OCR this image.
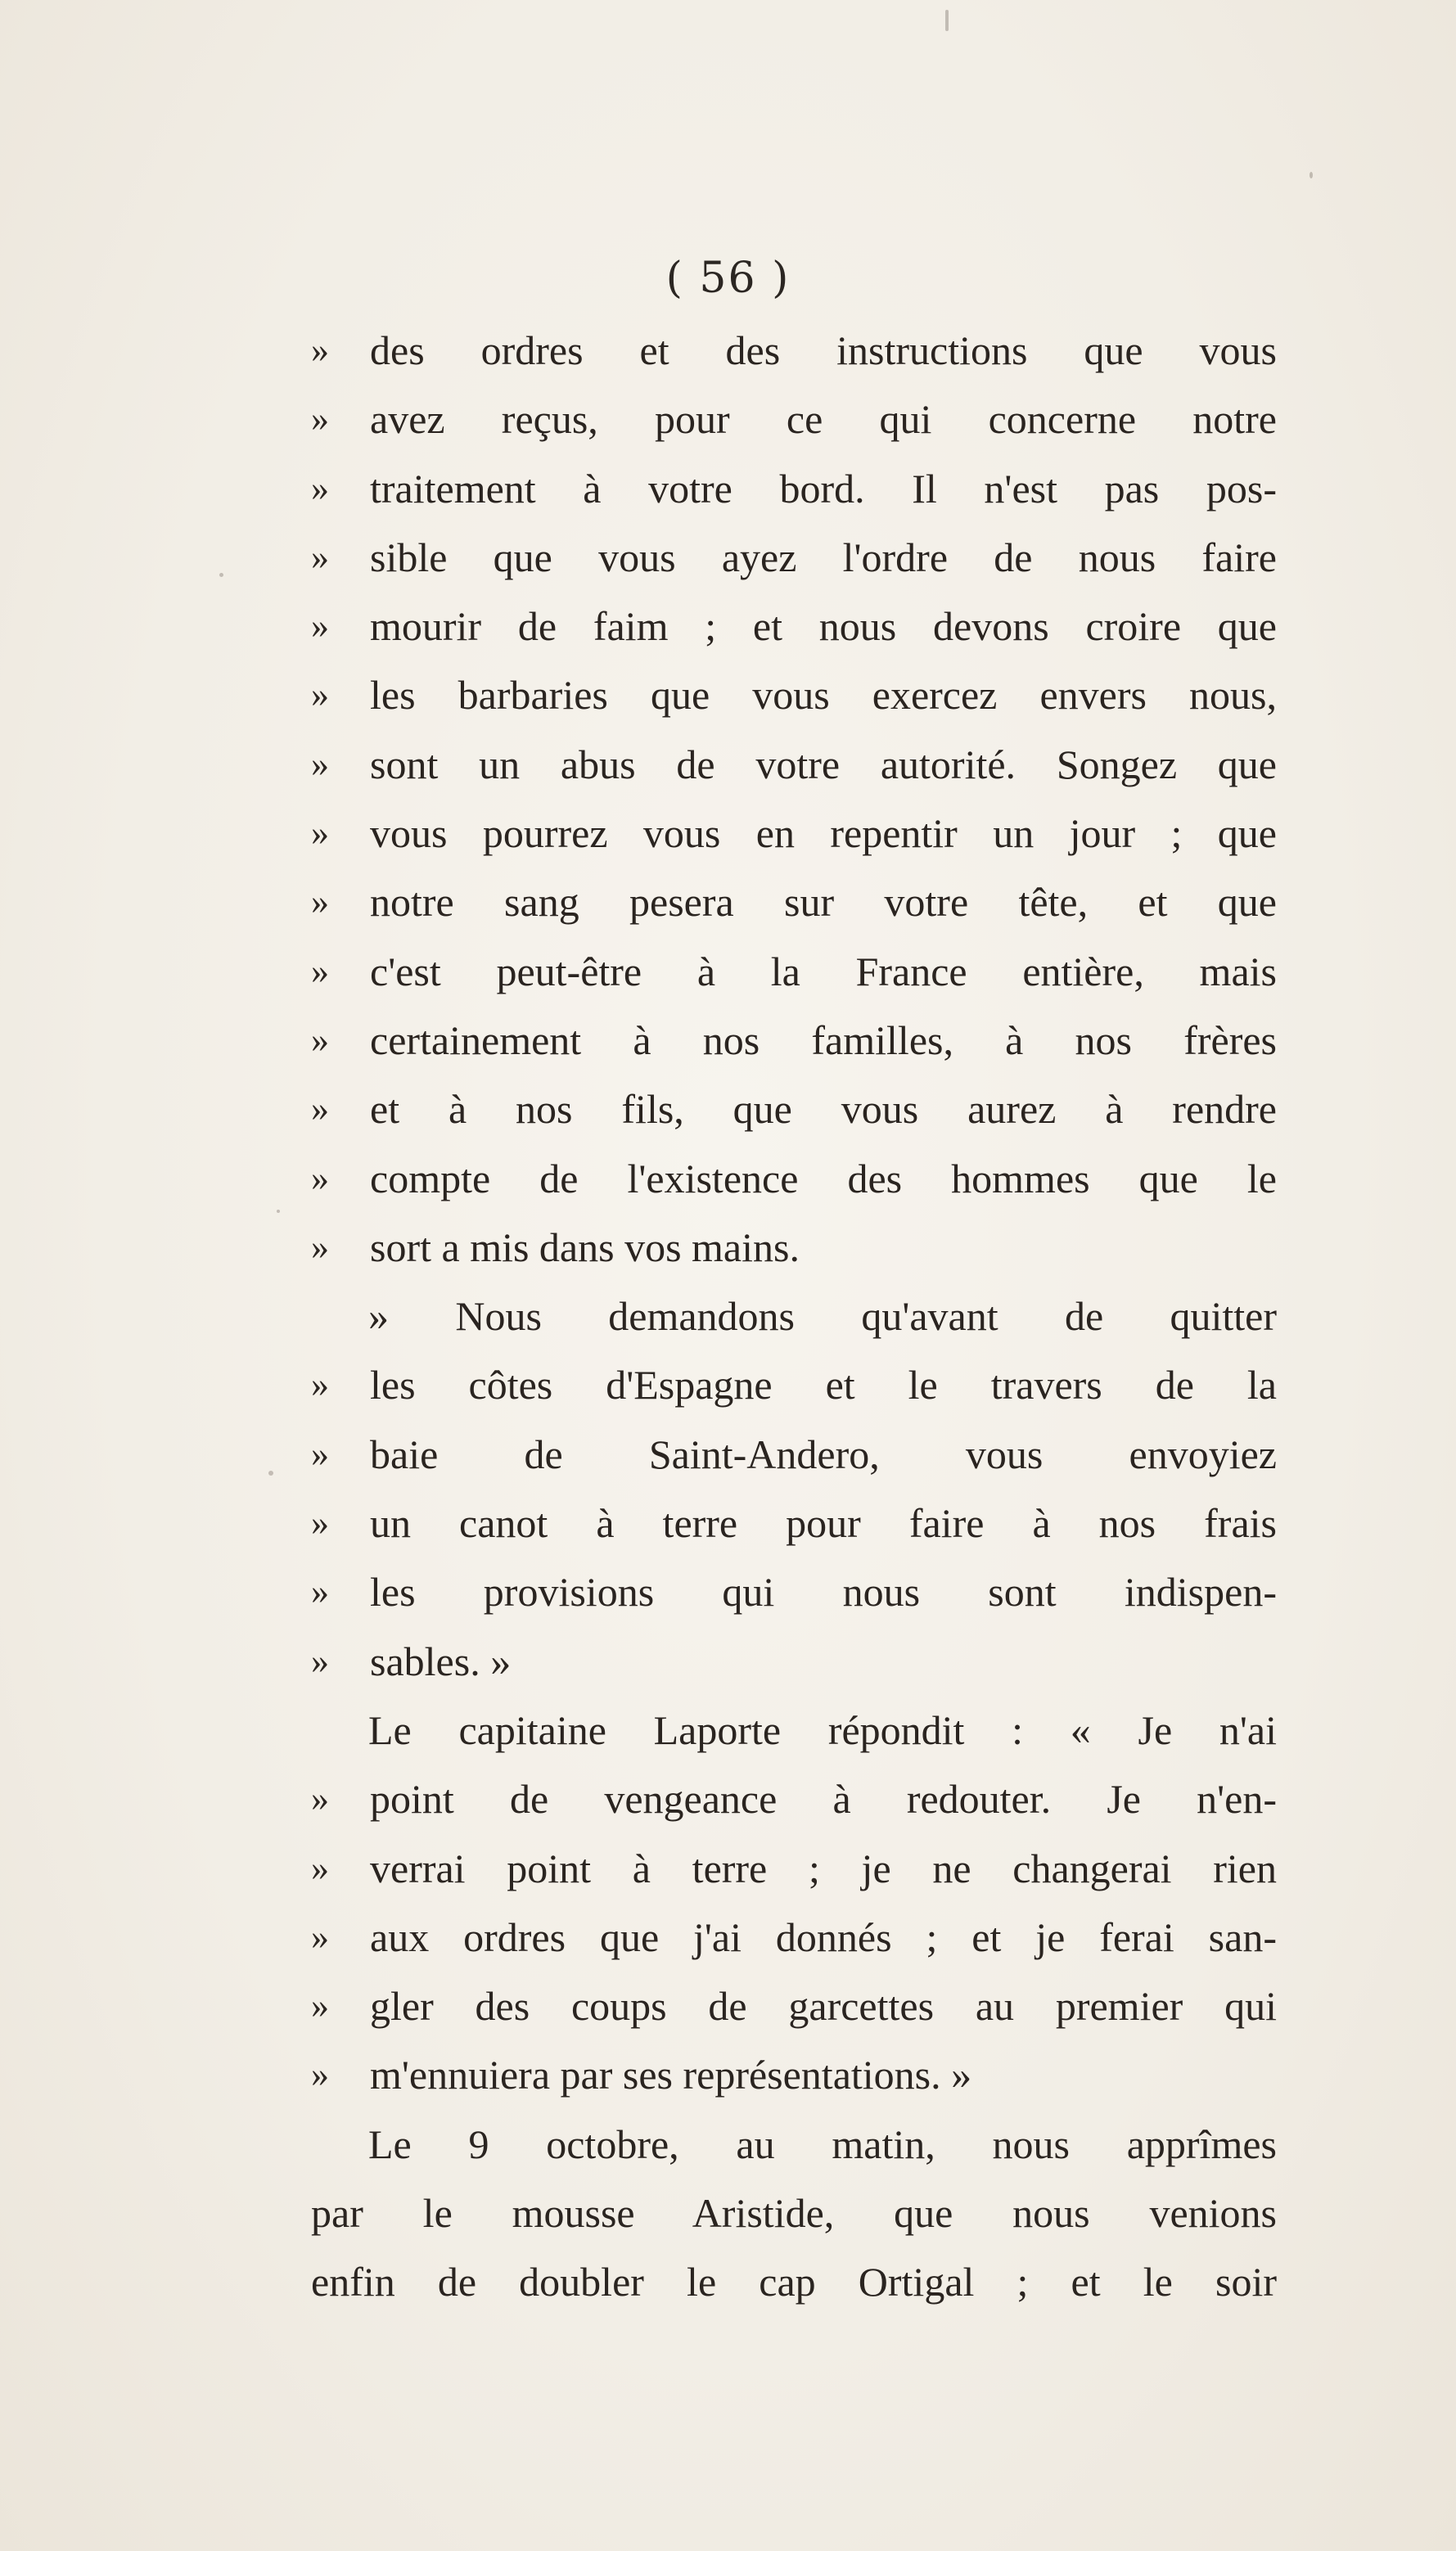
( 56 )
»	des ordres et des instructions que vous
»	avez reçus, pour ce qui concerne notre
»	traitement à votre bord. Il n'est pas pos-
»	sible que vous ayez l'ordre de nous faire
»	mourir de faim ; et nous devons croire que
»	les barbaries que vous exercez envers nous,
»	sont un abus de votre autorité. Songez que
»	vous pourrez vous en repentir un jour ; que
»	notre sang pesera sur votre tête, et que
»	c'est peut-être à la France entière, mais
»	certainement à nos familles, à nos frères
»	et à nos fils, que vous aurez à rendre
»	compte de l'existence des hommes que le
»	sort a mis dans vos mains.
» Nous demandons qu'avant de quitter
»	les côtes d'Espagne et le travers de la
»	baie de Saint-Andero, vous envoyiez
»	un canot à terre pour faire à nos frais
»	les provisions qui nous sont indispen-
»	sables. »
Le capitaine Laporte répondit : « Je n'ai
»	point de vengeance à redouter. Je n'en-
»	verrai point à terre ; je ne changerai rien
»	aux ordres que j'ai donnés ; et je ferai san-
»	gler des coups de garcettes au premier qui
»	m'ennuiera par ses représentations. »
Le 9 octobre, au matin, nous apprîmes
par le mousse Aristide, que nous venions
enfin de doubler le cap Ortigal ; et le soir
